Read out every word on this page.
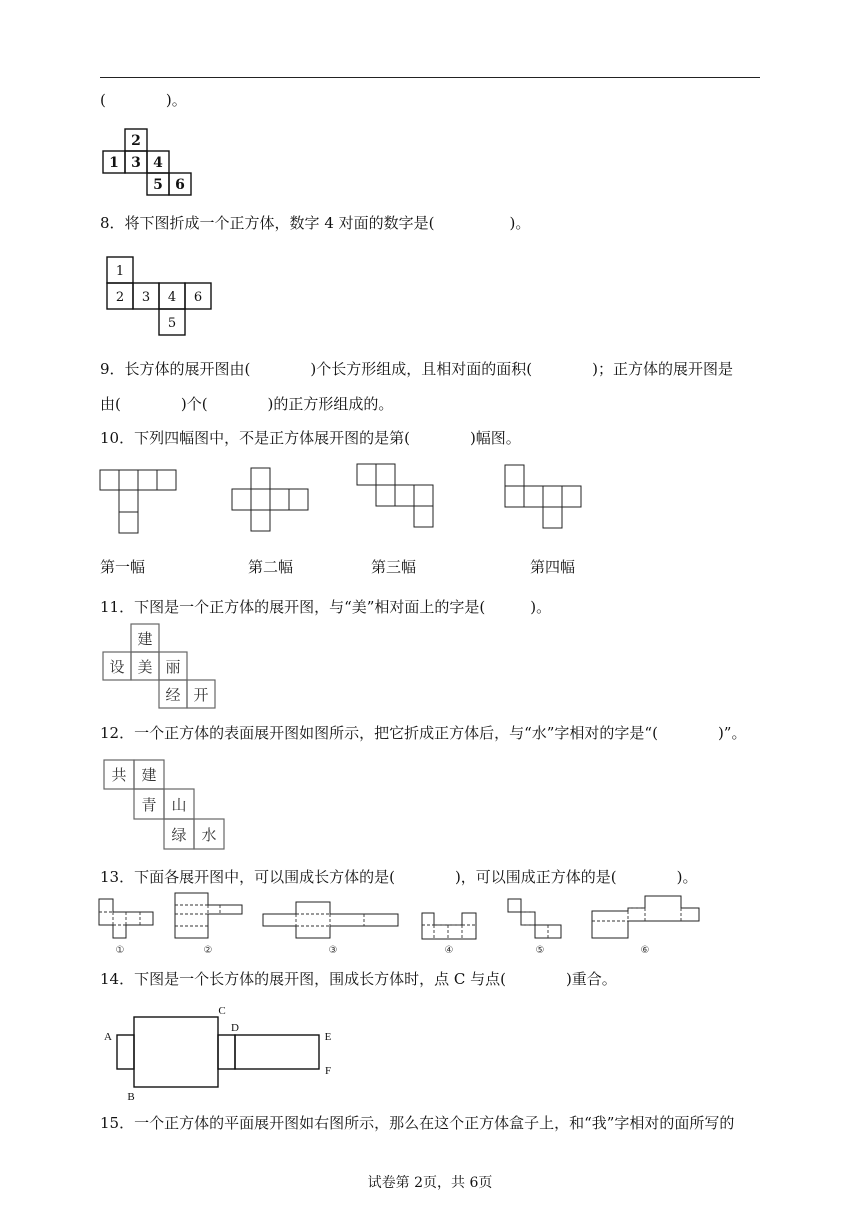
(　　　　)。
2
1 3 4
5 6
8．将下图折成一个正方体，数字 4 对面的数字是(　　　　　)。
1
2 3 4 6
5
9．长方体的展开图由(　　　　)个长方形组成，且相对面的面积(　　　　)；正方体的展开图是
由(　　　　)个(　　　　)的正方形组成的。
10．下列四幅图中，不是正方体展开图的是第(　　　　)幅图。
第一幅	第二幅	第三幅	第四幅
11．下图是一个正方体的展开图，与“美”相对面上的字是(　　　)。
建
设 美 丽
经 开
12．一个正方体的表面展开图如图所示，把它折成正方体后，与“水”字相对的字是“(　　　　)”。
共 建
青 山
绿 水
13．下面各展开图中，可以围成长方体的是(　　　　)，可以围成正方体的是(　　　　)。
①	②	③	④	⑤	⑥
14．下图是一个长方体的展开图，围成长方体时，点 C 与点(　　　　)重合。
A
B
C
D
E
F
15．一个正方体的平面展开图如右图所示，那么在这个正方体盒子上，和“我”字相对的面所写的
试卷第 2页，共 6页
